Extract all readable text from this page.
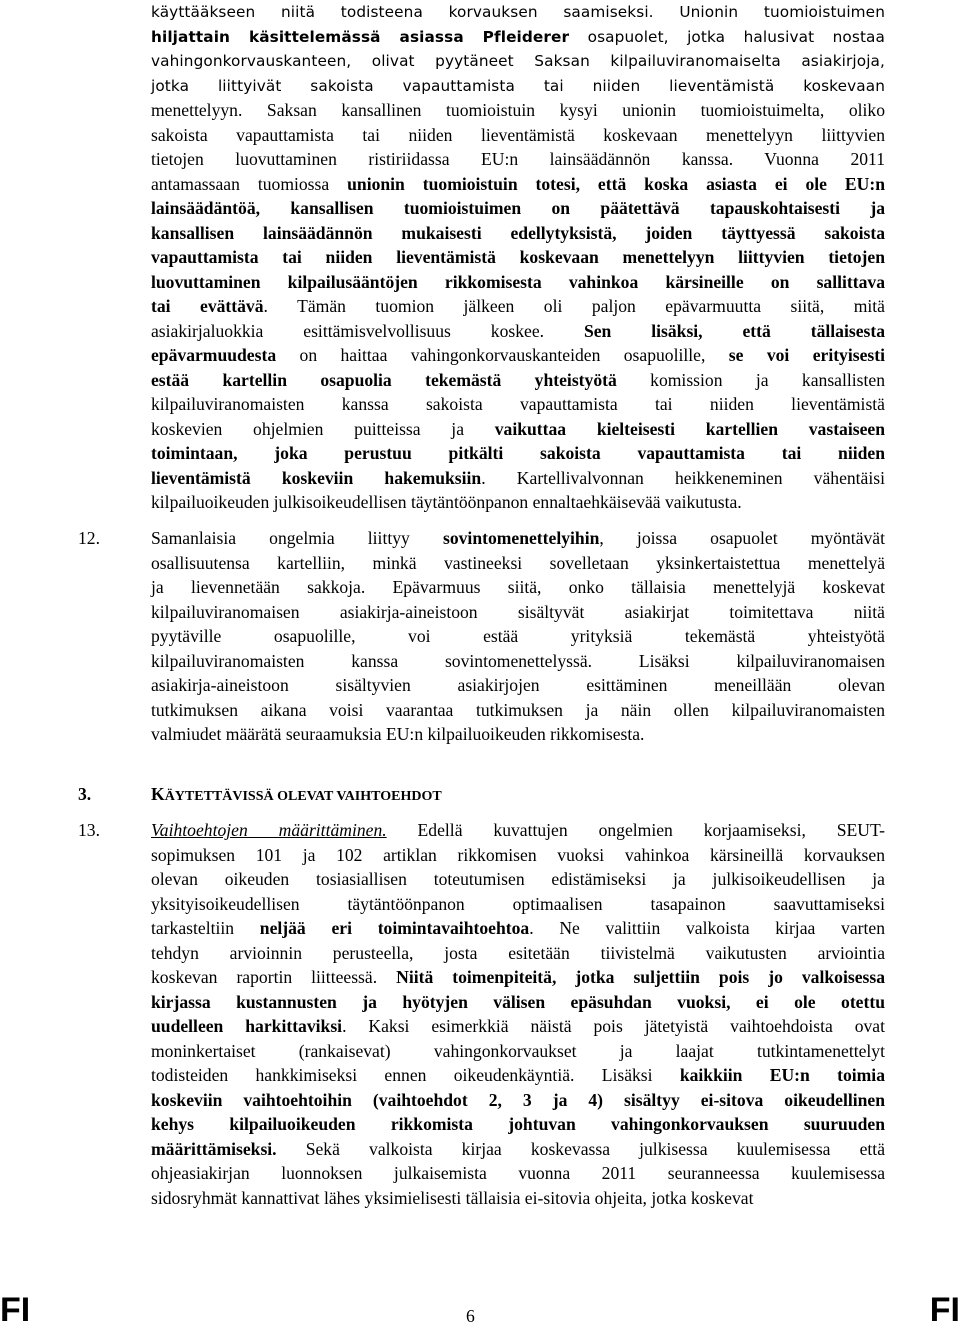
käyttääkseen niitä todisteena korvauksen saamiseksi. Unionin tuomioistuimen
hiljattain käsittelemässä asiassa Pfleiderer osapuolet, jotka halusivat nostaa
vahingonkorvauskanteen, olivat pyytäneet Saksan kilpailuviranomaiselta asiakirjoja,
jotka liittyivät sakoista vapauttamista tai niiden lieventämistä koskevaan
menettelyyn. Saksan kansallinen tuomioistuin kysyi unionin tuomioistuimelta, oliko
sakoista vapauttamista tai niiden lieventämistä koskevaan menettelyyn liittyvien
tietojen luovuttaminen ristiriidassa EU:n lainsäädännön kanssa. Vuonna 2011
antamassaan tuomiossa unionin tuomioistuin totesi, että koska asiasta ei ole EU:n
lainsäädäntöä, kansallisen tuomioistuimen on päätettävä tapauskohtaisesti ja
kansallisen lainsäädännön mukaisesti edellytyksistä, joiden täyttyessä sakoista
vapauttamista tai niiden lieventämistä koskevaan menettelyyn liittyvien tietojen
luovuttaminen kilpailusääntöjen rikkomisesta vahinkoa kärsineille on sallittava
tai evättävä. Tämän tuomion jälkeen oli paljon epävarmuutta siitä, mitä
asiakirjaluokkia esittämisvelvollisuus koskee. Sen lisäksi, että tällaisesta
epävarmuudesta on haittaa vahingonkorvauskanteiden osapuolille, se voi erityisesti
estää kartellin osapuolia tekemästä yhteistyötä komission ja kansallisten
kilpailuviranomaisten kanssa sakoista vapauttamista tai niiden lieventämistä
koskevien ohjelmien puitteissa ja vaikuttaa kielteisesti kartellien vastaiseen
toimintaan, joka perustuu pitkälti sakoista vapauttamista tai niiden
lieventämistä koskeviin hakemuksiin. Kartellivalvonnan heikkeneminen vähentäisi
kilpailuoikeuden julkisoikeudellisen täytäntöönpanon ennaltaehkäisevää vaikutusta.
12.	Samanlaisia ongelmia liittyy sovintomenettelyihin, joissa osapuolet myöntävät
osallisuutensa kartelliin, minkä vastineeksi sovelletaan yksinkertaistettua menettelyä
ja lievennetään sakkoja. Epävarmuus siitä, onko tällaisia menettelyjä koskevat
kilpailuviranomaisen asiakirja-aineistoon sisältyvät asiakirjat toimitettava niitä
pyytäville osapuolille, voi estää yrityksiä tekemästä yhteistyötä
kilpailuviranomaisten kanssa sovintomenettelyssä. Lisäksi kilpailuviranomaisen
asiakirja-aineistoon sisältyvien asiakirjojen esittäminen meneillään olevan
tutkimuksen aikana voisi vaarantaa tutkimuksen ja näin ollen kilpailuviranomaisten
valmiudet määrätä seuraamuksia EU:n kilpailuoikeuden rikkomisesta.
3.	KÄYTETTÄVISSÄ OLEVAT VAIHTOEHDOT
13.	Vaihtoehtojen määrittäminen. Edellä kuvattujen ongelmien korjaamiseksi, SEUT-
sopimuksen 101 ja 102 artiklan rikkomisen vuoksi vahinkoa kärsineillä korvauksen
olevan oikeuden tosiasiallisen toteutumisen edistämiseksi ja julkisoikeudellisen ja
yksityisoikeudellisen täytäntöönpanon optimaalisen tasapainon saavuttamiseksi
tarkasteltiin neljää eri toimintavaihtoehtoa. Ne valittiin valkoista kirjaa varten
tehdyn arvioinnin perusteella, josta esitetään tiivistelmä vaikutusten arviointia
koskevan raportin liitteessä. Niitä toimenpiteitä, jotka suljettiin pois jo valkoisessa
kirjassa kustannusten ja hyötyjen välisen epäsuhdan vuoksi, ei ole otettu
uudelleen harkittaviksi. Kaksi esimerkkiä näistä pois jätetyistä vaihtoehdoista ovat
moninkertaiset (rankaisevat) vahingonkorvaukset ja laajat tutkintamenettelyt
todisteiden hankkimiseksi ennen oikeudenkäyntiä. Lisäksi kaikkiin EU:n toimia
koskeviin vaihtoehtoihin (vaihtoehdot 2, 3 ja 4) sisältyy ei-sitova oikeudellinen
kehys kilpailuoikeuden rikkomista johtuvan vahingonkorvauksen suuruuden
määrittämiseksi. Sekä valkoista kirjaa koskevassa julkisessa kuulemisessa että
ohjeasiakirjan luonnoksen julkaisemista vuonna 2011 seuranneessa kuulemisessa
sidosryhmät kannattivat lähes yksimielisesti tällaisia ei-sitovia ohjeita, jotka koskevat
FI	6	FI
